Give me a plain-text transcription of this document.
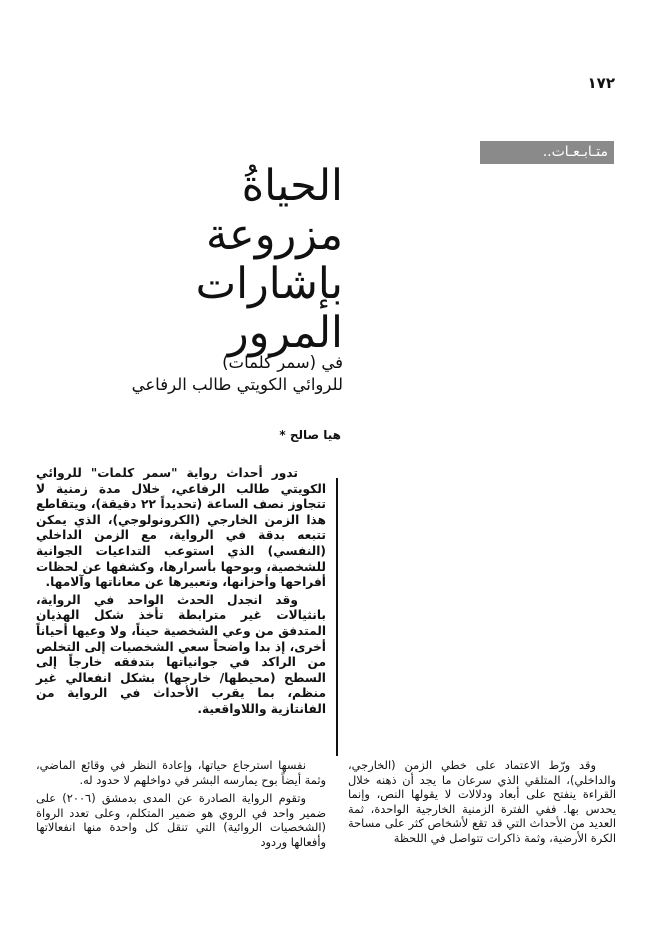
١٧٢
متـابـعـات..
الحياةُ
مزروعة
بإشارات
المرور
في (سمر كلمات)
للروائي الكويتي طالب الرفاعي
هيا صالح *

تدور أحداث رواية "سمر كلمات" للروائي الكويتي طالب الرفاعي، خلال مدة زمنية لا تتجاوز نصف الساعة (تحديداً ٢٢ دقيقة)، ويتقاطع هذا الزمن الخارجي (الكرونولوجي)، الذي يمكن تتبعه بدقة في الرواية، مع الزمن الداخلي (النفسي) الذي استوعب التداعيات الجوانية للشخصية، وبوحها بأسرارها، وكشفها عن لحظات أفراحها وأحزانها، وتعبيرها عن معاناتها وآلامها.

وقد انجدل الحدث الواحد في الرواية، بانثيالات غير مترابطة تأخذ شكل الهذيان المتدفق من وعي الشخصية حيناً، ولا وعيها أحياناً أخرى، إذ بدا واضحاً سعي الشخصيات إلى التخلص من الراكد في جوانياتها بتدفقه خارجاً إلى السطح (محيطها/ خارجها) بشكل انفعالي غير منظم، بما يقرب الأحداث في الرواية من الفانتازية واللاواقعية.

وقد ورّط الاعتماد على خطي الزمن (الخارجي، والداخلي)، المتلقي الذي سرعان ما يجد أن ذهنه خلال القراءة ينفتح على أبعاد ودلالات لا يقولها النص، وإنما يحدس بها. ففي الفترة الزمنية الخارجية الواحدة، ثمة العديد من الأحداث التي قد تقع لأشخاص كثر على مساحة الكرة الأرضية، وثمة ذاكرات تتواصل في اللحظة

نفسها استرجاع حياتها، وإعادة النظر في وقائع الماضي، وثمة أيضاً بوح يمارسه البشر في دواخلهم لا حدود له.

وتقوم الرواية الصادرة عن المدى بدمشق (٢٠٠٦) على ضمير واحد في الروي هو ضمير المتكلم، وعلى تعدد الرواة (الشخصيات الروائية) التي تنقل كل واحدة منها انفعالاتها وأفعالها وردود
